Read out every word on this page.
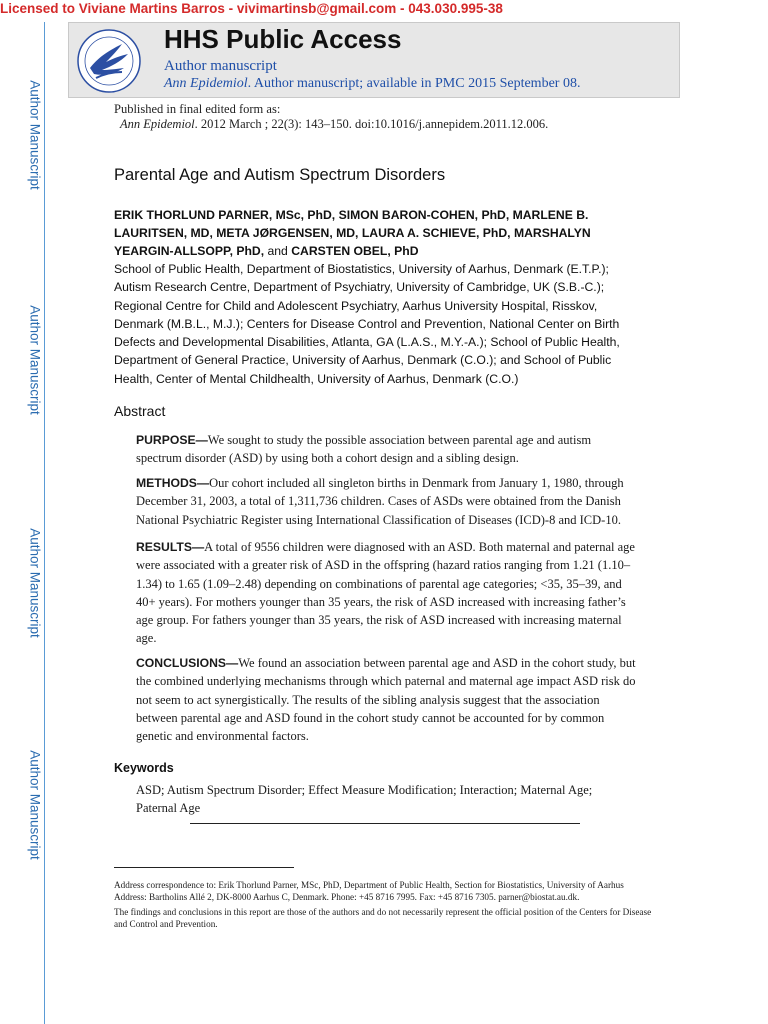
Licensed to Viviane Martins Barros - vivimartinsb@gmail.com - 043.030.995-38
Author Manuscript
Author Manuscript
Author Manuscript
Author Manuscript
HHS Public Access
Author manuscript
Ann Epidemiol. Author manuscript; available in PMC 2015 September 08.
Published in final edited form as:
Ann Epidemiol. 2012 March ; 22(3): 143–150. doi:10.1016/j.annepidem.2011.12.006.
Parental Age and Autism Spectrum Disorders
ERIK THORLUND PARNER, MSc, PhD, SIMON BARON-COHEN, PhD, MARLENE B.
LAURITSEN, MD, META JØRGENSEN, MD, LAURA A. SCHIEVE, PhD, MARSHALYN
YEARGIN-ALLSOPP, PhD, and CARSTEN OBEL, PhD
School of Public Health, Department of Biostatistics, University of Aarhus, Denmark (E.T.P.); Autism Research Centre, Department of Psychiatry, University of Cambridge, UK (S.B.-C.); Regional Centre for Child and Adolescent Psychiatry, Aarhus University Hospital, Risskov, Denmark (M.B.L., M.J.); Centers for Disease Control and Prevention, National Center on Birth Defects and Developmental Disabilities, Atlanta, GA (L.A.S., M.Y.-A.); School of Public Health, Department of General Practice, University of Aarhus, Denmark (C.O.); and School of Public Health, Center of Mental Childhealth, University of Aarhus, Denmark (C.O.)
Abstract
PURPOSE—We sought to study the possible association between parental age and autism spectrum disorder (ASD) by using both a cohort design and a sibling design.
METHODS—Our cohort included all singleton births in Denmark from January 1, 1980, through December 31, 2003, a total of 1,311,736 children. Cases of ASDs were obtained from the Danish National Psychiatric Register using International Classification of Diseases (ICD)-8 and ICD-10.
RESULTS—A total of 9556 children were diagnosed with an ASD. Both maternal and paternal age were associated with a greater risk of ASD in the offspring (hazard ratios ranging from 1.21 (1.10–1.34) to 1.65 (1.09–2.48) depending on combinations of parental age categories; <35, 35–39, and 40+ years). For mothers younger than 35 years, the risk of ASD increased with increasing father’s age group. For fathers younger than 35 years, the risk of ASD increased with increasing maternal age.
CONCLUSIONS—We found an association between parental age and ASD in the cohort study, but the combined underlying mechanisms through which paternal and maternal age impact ASD risk do not seem to act synergistically. The results of the sibling analysis suggest that the association between parental age and ASD found in the cohort study cannot be accounted for by common genetic and environmental factors.
Keywords
ASD; Autism Spectrum Disorder; Effect Measure Modification; Interaction; Maternal Age; Paternal Age
Address correspondence to: Erik Thorlund Parner, MSc, PhD, Department of Public Health, Section for Biostatistics, University of Aarhus Address: Bartholins Allé 2, DK-8000 Aarhus C, Denmark. Phone: +45 8716 7995. Fax: +45 8716 7305. parner@biostat.au.dk.
The findings and conclusions in this report are those of the authors and do not necessarily represent the official position of the Centers for Disease and Control and Prevention.
